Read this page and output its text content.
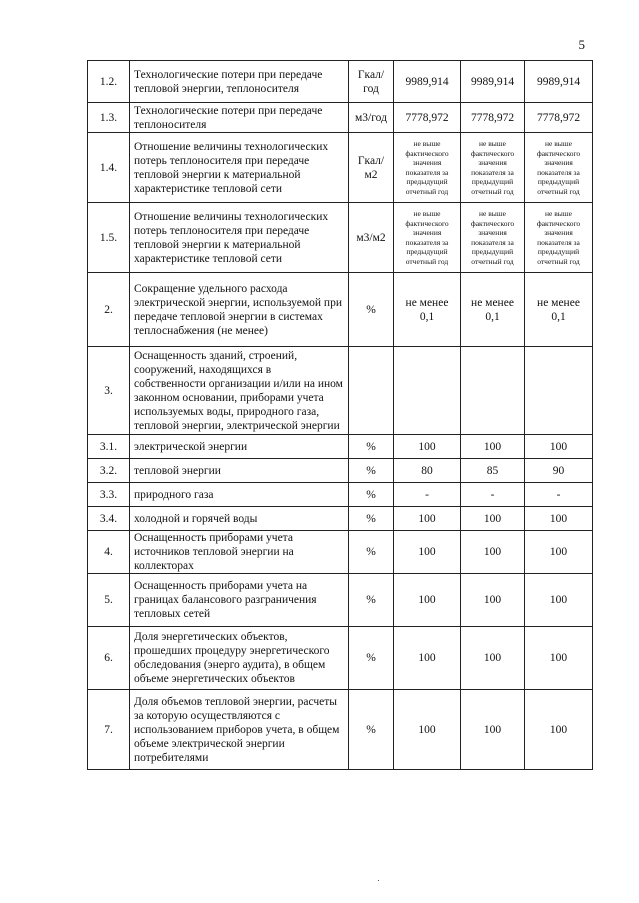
5
1.2.	Технологические потери при передаче тепловой энергии, теплоносителя	Гкал/ год	9989,914	9989,914	9989,914
1.3.	Технологические потери при передаче теплоносителя	м3/год	7778,972	7778,972	7778,972
1.4.	Отношение величины технологических потерь теплоносителя при передаче тепловой энергии к материальной характеристике тепловой сети	Гкал/ м2	не выше фактического значения показателя за предыдущий отчетный год	не выше фактического значения показателя за предыдущий отчетный год	не выше фактического значения показателя за предыдущий отчетный год
1.5.	Отношение величины технологических потерь теплоносителя при передаче тепловой энергии к материальной характеристике тепловой сети	м3/м2	не выше фактического значения показателя за предыдущий отчетный год	не выше фактического значения показателя за предыдущий отчетный год	не выше фактического значения показателя за предыдущий отчетный год
2.	Сокращение удельного расхода электрической энергии, используемой при передаче тепловой энергии в системах теплоснабжения (не менее)	%	не менее 0,1	не менее 0,1	не менее 0,1
3.	Оснащенность зданий, строений, сооружений, находящихся в собственности организации и/или на ином законном основании, приборами учета используемых воды, природного газа, тепловой энергии, электрической энергии				
3.1.	электрической энергии	%	100	100	100
3.2.	тепловой энергии	%	80	85	90
3.3.	природного газа	%	-	-	-
3.4.	холодной и горячей воды	%	100	100	100
4.	Оснащенность приборами учета источников тепловой энергии на коллекторах	%	100	100	100
5.	Оснащенность приборами учета на границах балансового разграничения тепловых сетей	%	100	100	100
6.	Доля энергетических объектов, прошедших процедуру энергетического обследования (энерго аудита), в общем объеме энергетических объектов	%	100	100	100
7.	Доля объемов тепловой энергии, расчеты за которую осуществляются с использованием приборов учета, в общем объеме электрической энергии потребителями	%	100	100	100
